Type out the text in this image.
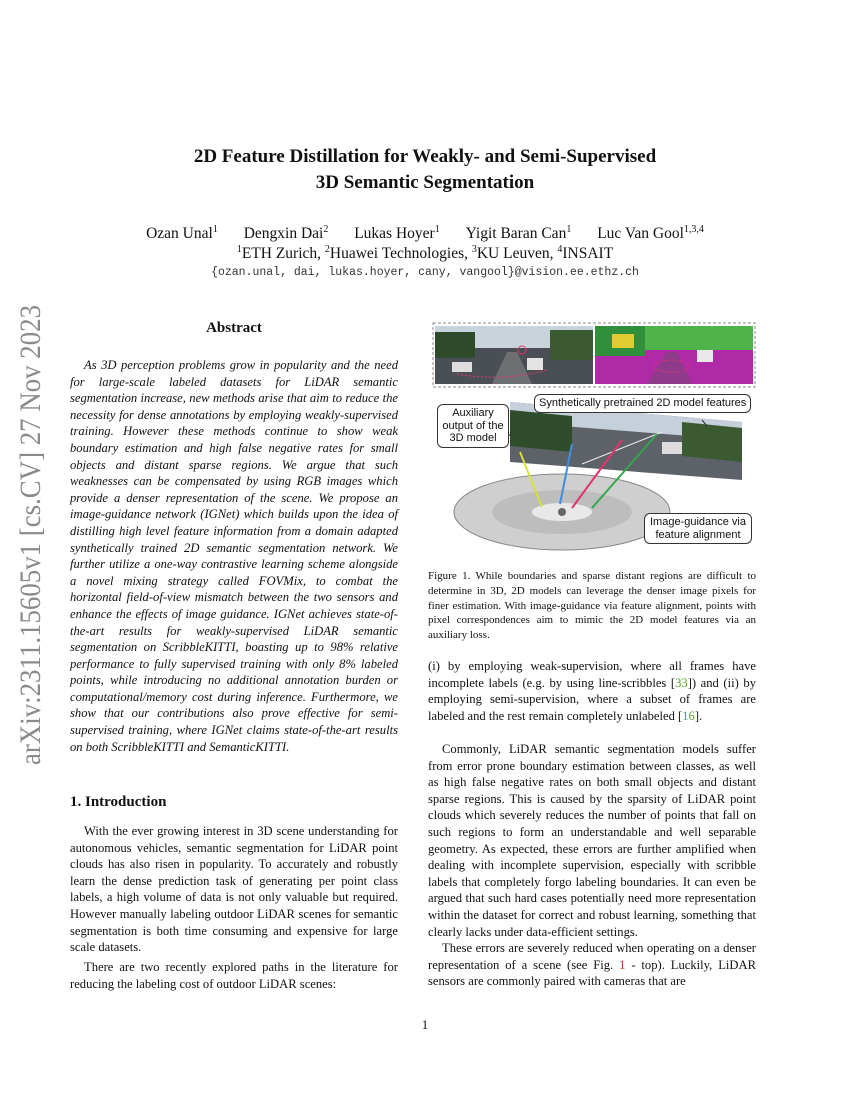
2D Feature Distillation for Weakly- and Semi-Supervised
3D Semantic Segmentation
Ozan Unal$^1$ Dengxin Dai$^2$ Lukas Hoyer$^1$ Yigit Baran Can$^1$ Luc Van Gool$^{1,3,4}$
$^1$ETH Zurich, $^2$Huawei Technologies, $^3$KU Leuven, $^4$INSAIT
{ozan.unal, dai, lukas.hoyer, cany, vangool}@vision.ee.ethz.ch
arXiv:2311.15605v1 [cs.CV] 27 Nov 2023	Abstract
As 3D perception problems grow in popularity and the need for large-scale labeled datasets for LiDAR semantic segmentation increase, new methods arise that aim to reduce the necessity for dense annotations by employing weakly-supervised training. However these methods continue to show weak boundary estimation and high false negative rates for small objects and distant sparse regions. We argue that such weaknesses can be compensated by using RGB images which provide a denser representation of the scene. We propose an image-guidance network (IGNet) which builds upon the idea of distilling high level feature information from a domain adapted synthetically trained 2D semantic segmentation network. We further utilize a one-way contrastive learning scheme alongside a novel mixing strategy called FOVMix, to combat the horizontal field-of-view mismatch between the two sensors and enhance the effects of image guidance. IGNet achieves state-of-the-art results for weakly-supervised LiDAR semantic segmentation on ScribbleKITTI, boasting up to 98% relative performance to fully supervised training with only 8% labeled points, while introducing no additional annotation burden or computational/memory cost during inference. Furthermore, we show that our contributions also prove effective for semi-supervised training, where IGNet claims state-of-the-art results on both ScribbleKITTI and SemanticKITTI.
1. Introduction
With the ever growing interest in 3D scene understanding for autonomous vehicles, semantic segmentation for LiDAR point clouds has also risen in popularity. To accurately and robustly learn the dense prediction task of generating per point class labels, a high volume of data is not only valuable but required. However manually labeling outdoor LiDAR scenes for semantic segmentation is both time consuming and expensive for large scale datasets.
There are two recently explored paths in the literature for reducing the labeling cost of outdoor LiDAR scenes:
Auxiliary output of the 3D model
Synthetically pretrained 2D model features
Image-guidance via feature alignment
Figure 1. While boundaries and sparse distant regions are difficult to determine in 3D, 2D models can leverage the denser image pixels for finer estimation. With image-guidance via feature alignment, points with pixel correspondences aim to mimic the 2D model features via an auxiliary loss.
(i) by employing weak-supervision, where all frames have incomplete labels (e.g. by using line-scribbles [33]) and (ii) by employing semi-supervision, where a subset of frames are labeled and the rest remain completely unlabeled [16].
Commonly, LiDAR semantic segmentation models suffer from error prone boundary estimation between classes, as well as high false negative rates on both small objects and distant sparse regions. This is caused by the sparsity of LiDAR point clouds which severely reduces the number of points that fall on such regions to form an understandable and well separable geometry. As expected, these errors are further amplified when dealing with incomplete supervision, especially with scribble labels that completely forgo labeling boundaries. It can even be argued that such hard cases potentially need more representation within the dataset for correct and robust learning, something that clearly lacks under data-efficient settings.
These errors are severely reduced when operating on a denser representation of a scene (see Fig. 1 - top). Luckily, LiDAR sensors are commonly paired with cameras that are
1
